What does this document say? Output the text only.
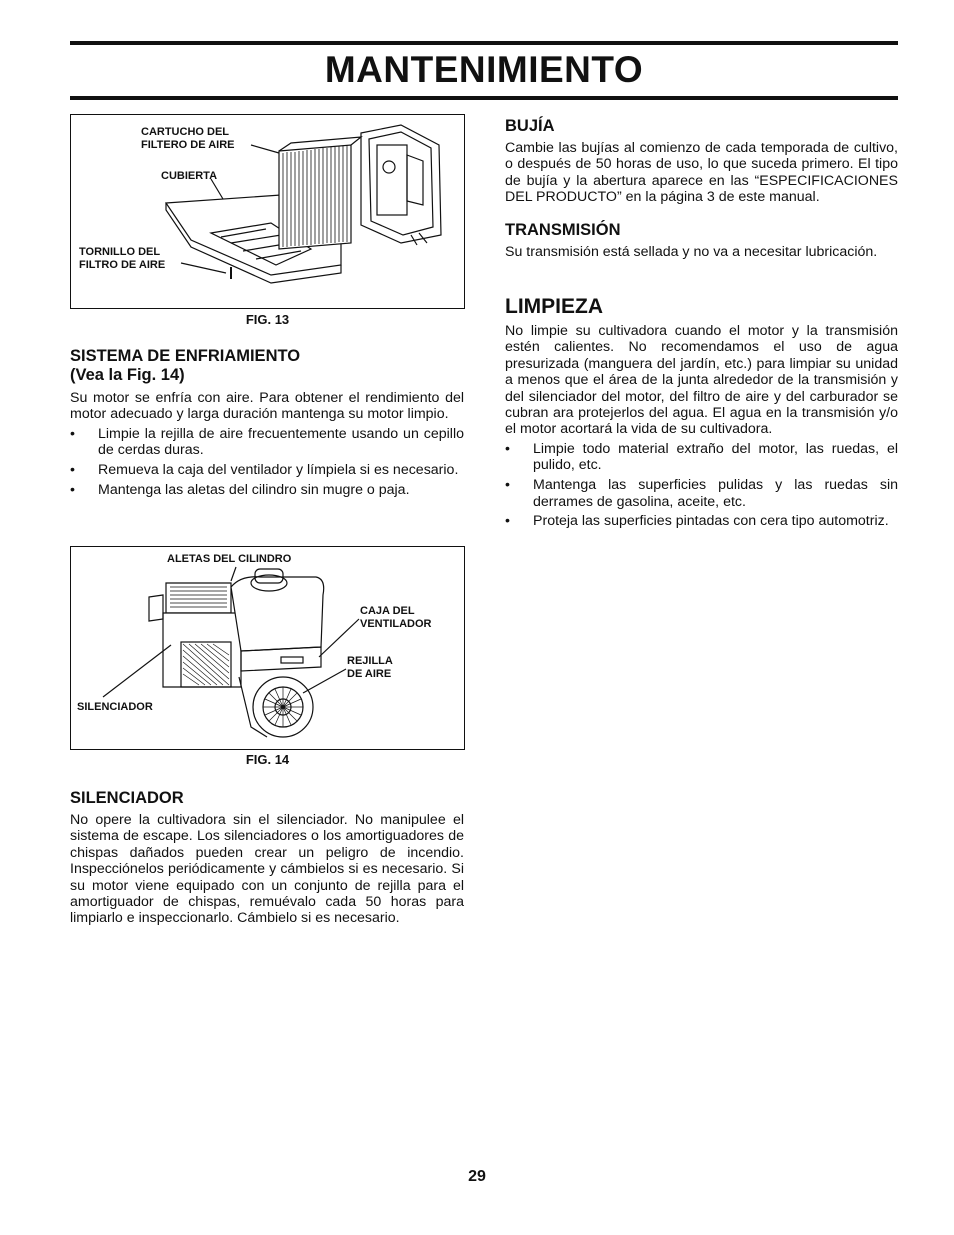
MANTENIMIENTO
CARTUCHO DEL
FILTERO DE AIRE
CUBIERTA
TORNILLO DEL
FILTRO DE AIRE
FIG. 13
SISTEMA DE ENFRIAMIENTO
(Vea la Fig. 14)

Su motor se enfría con aire. Para obtener el rendimiento del motor adecuado y larga duración mantenga su motor limpio.

• Limpie la rejilla de aire frecuentemente usando un cepillo de cerdas duras.
• Remueva la caja del ventilador y límpiela si es necesario.
• Mantenga las aletas del cilindro sin mugre o paja.
ALETAS DEL CILINDRO
CAJA DEL
VENTILADOR
REJILLA
DE AIRE
SILENCIADOR
FIG. 14
SILENCIADOR

No opere la cultivadora sin el silenciador. No manipulee el sistema de escape. Los silenciadores o los amortiguadores de chispas dañados pueden crear un peligro de incendio. Inspecciónelos periódicamente y cámbielos si es necesario. Si su motor viene equipado con un conjunto de rejilla para el amortiguador de chispas, remuévalo cada 50 horas para limpiarlo e inspeccionarlo. Cámbielo si es necesario.

BUJÍA

Cambie las bujías al comienzo de cada temporada de cultivo, o después de 50 horas de uso, lo que suceda primero. El tipo de bujía y la abertura aparece en las “ESPECIFICACIONES DEL PRODUCTO” en la página 3 de este manual.

TRANSMISIÓN

Su transmisión está sellada y no va a necesitar lubricación.

LIMPIEZA

No limpie su cultivadora cuando el motor y la transmisión estén calientes. No recomendamos el uso de agua presurizada (manguera del jardín, etc.) para limpiar su unidad a menos que el área de la junta alrededor de la transmisión y del silenciador del motor, del filtro de aire y del carburador se cubran ara protejerlos del agua. El agua en la transmisión y/o el motor acortará la vida de su cultivadora.

• Limpie todo material extraño del motor, las ruedas, el pulido, etc.
• Mantenga las superficies pulidas y las ruedas sin derrames de gasolina, aceite, etc.
• Proteja las superficies pintadas con cera tipo automotriz.
29
